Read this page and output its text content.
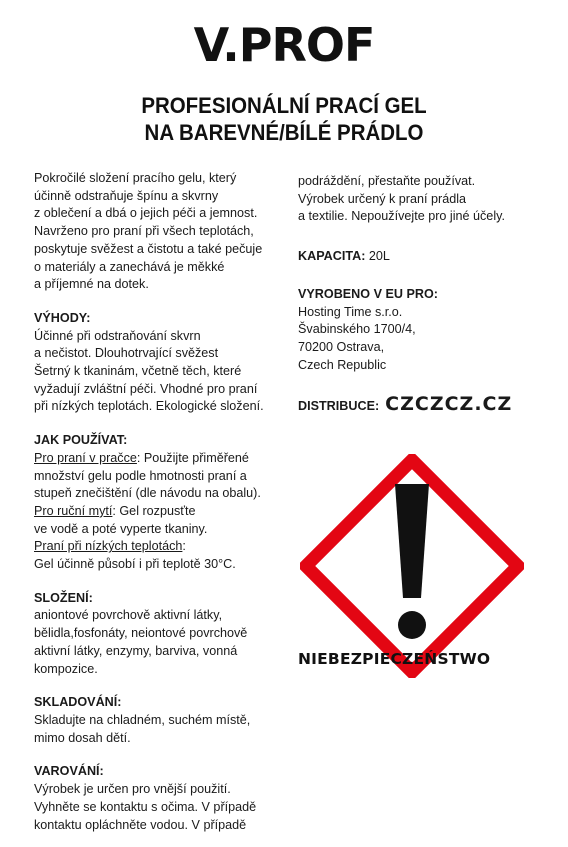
V.PROF
PROFESIONÁLNÍ PRACÍ GEL
NA BAREVNÉ/BÍLÉ PRÁDLO
Pokročilé složení pracího gelu, který
účinně odstraňuje špínu a skvrny
z oblečení a dbá o jejich péči a jemnost.
Navrženo pro praní při všech teplotách,
poskytuje svěžest a čistotu a také pečuje
o materiály a zanechává je měkké
a příjemné na dotek.
VÝHODY:
Účinné při odstraňování skvrn
a nečistot. Dlouhotrvající svěžest
Šetrný k tkaninám, včetně těch, které
vyžadují zvláštní péči. Vhodné pro praní
při nízkých teplotách. Ekologické složení.
JAK POUŽÍVAT:
Pro praní v pračce: Použijte přiměřené
množství gelu podle hmotnosti praní a
stupeň znečištění (dle návodu na obalu).
Pro ruční mytí: Gel rozpusťte
ve vodě a poté vyperte tkaniny.
Praní při nízkých teplotách:
Gel účinně působí i při teplotě 30°C.
SLOŽENÍ:
aniontové povrchově aktivní látky,
bělidla,fosfonáty, neiontové povrchově
aktivní látky, enzymy, barviva, vonná
kompozice.
SKLADOVÁNÍ:
Skladujte na chladném, suchém místě,
mimo dosah dětí.
VAROVÁNÍ:
Výrobek je určen pro vnější použití.
Vyhněte se kontaktu s očima. V případě
kontaktu opláchněte vodou. V případě
podráždění, přestaňte používat.
Výrobek určený k praní prádla
a textilie. Nepoužívejte pro jiné účely.
KAPACITA: 20L
VYROBENO V EU PRO:
Hosting Time s.r.o.
Švabinského 1700/4,
70200 Ostrava,
Czech Republic
DISTRIBUCE: CZCZCZ.CZ
NIEBEZPIECZEŃSTWO
